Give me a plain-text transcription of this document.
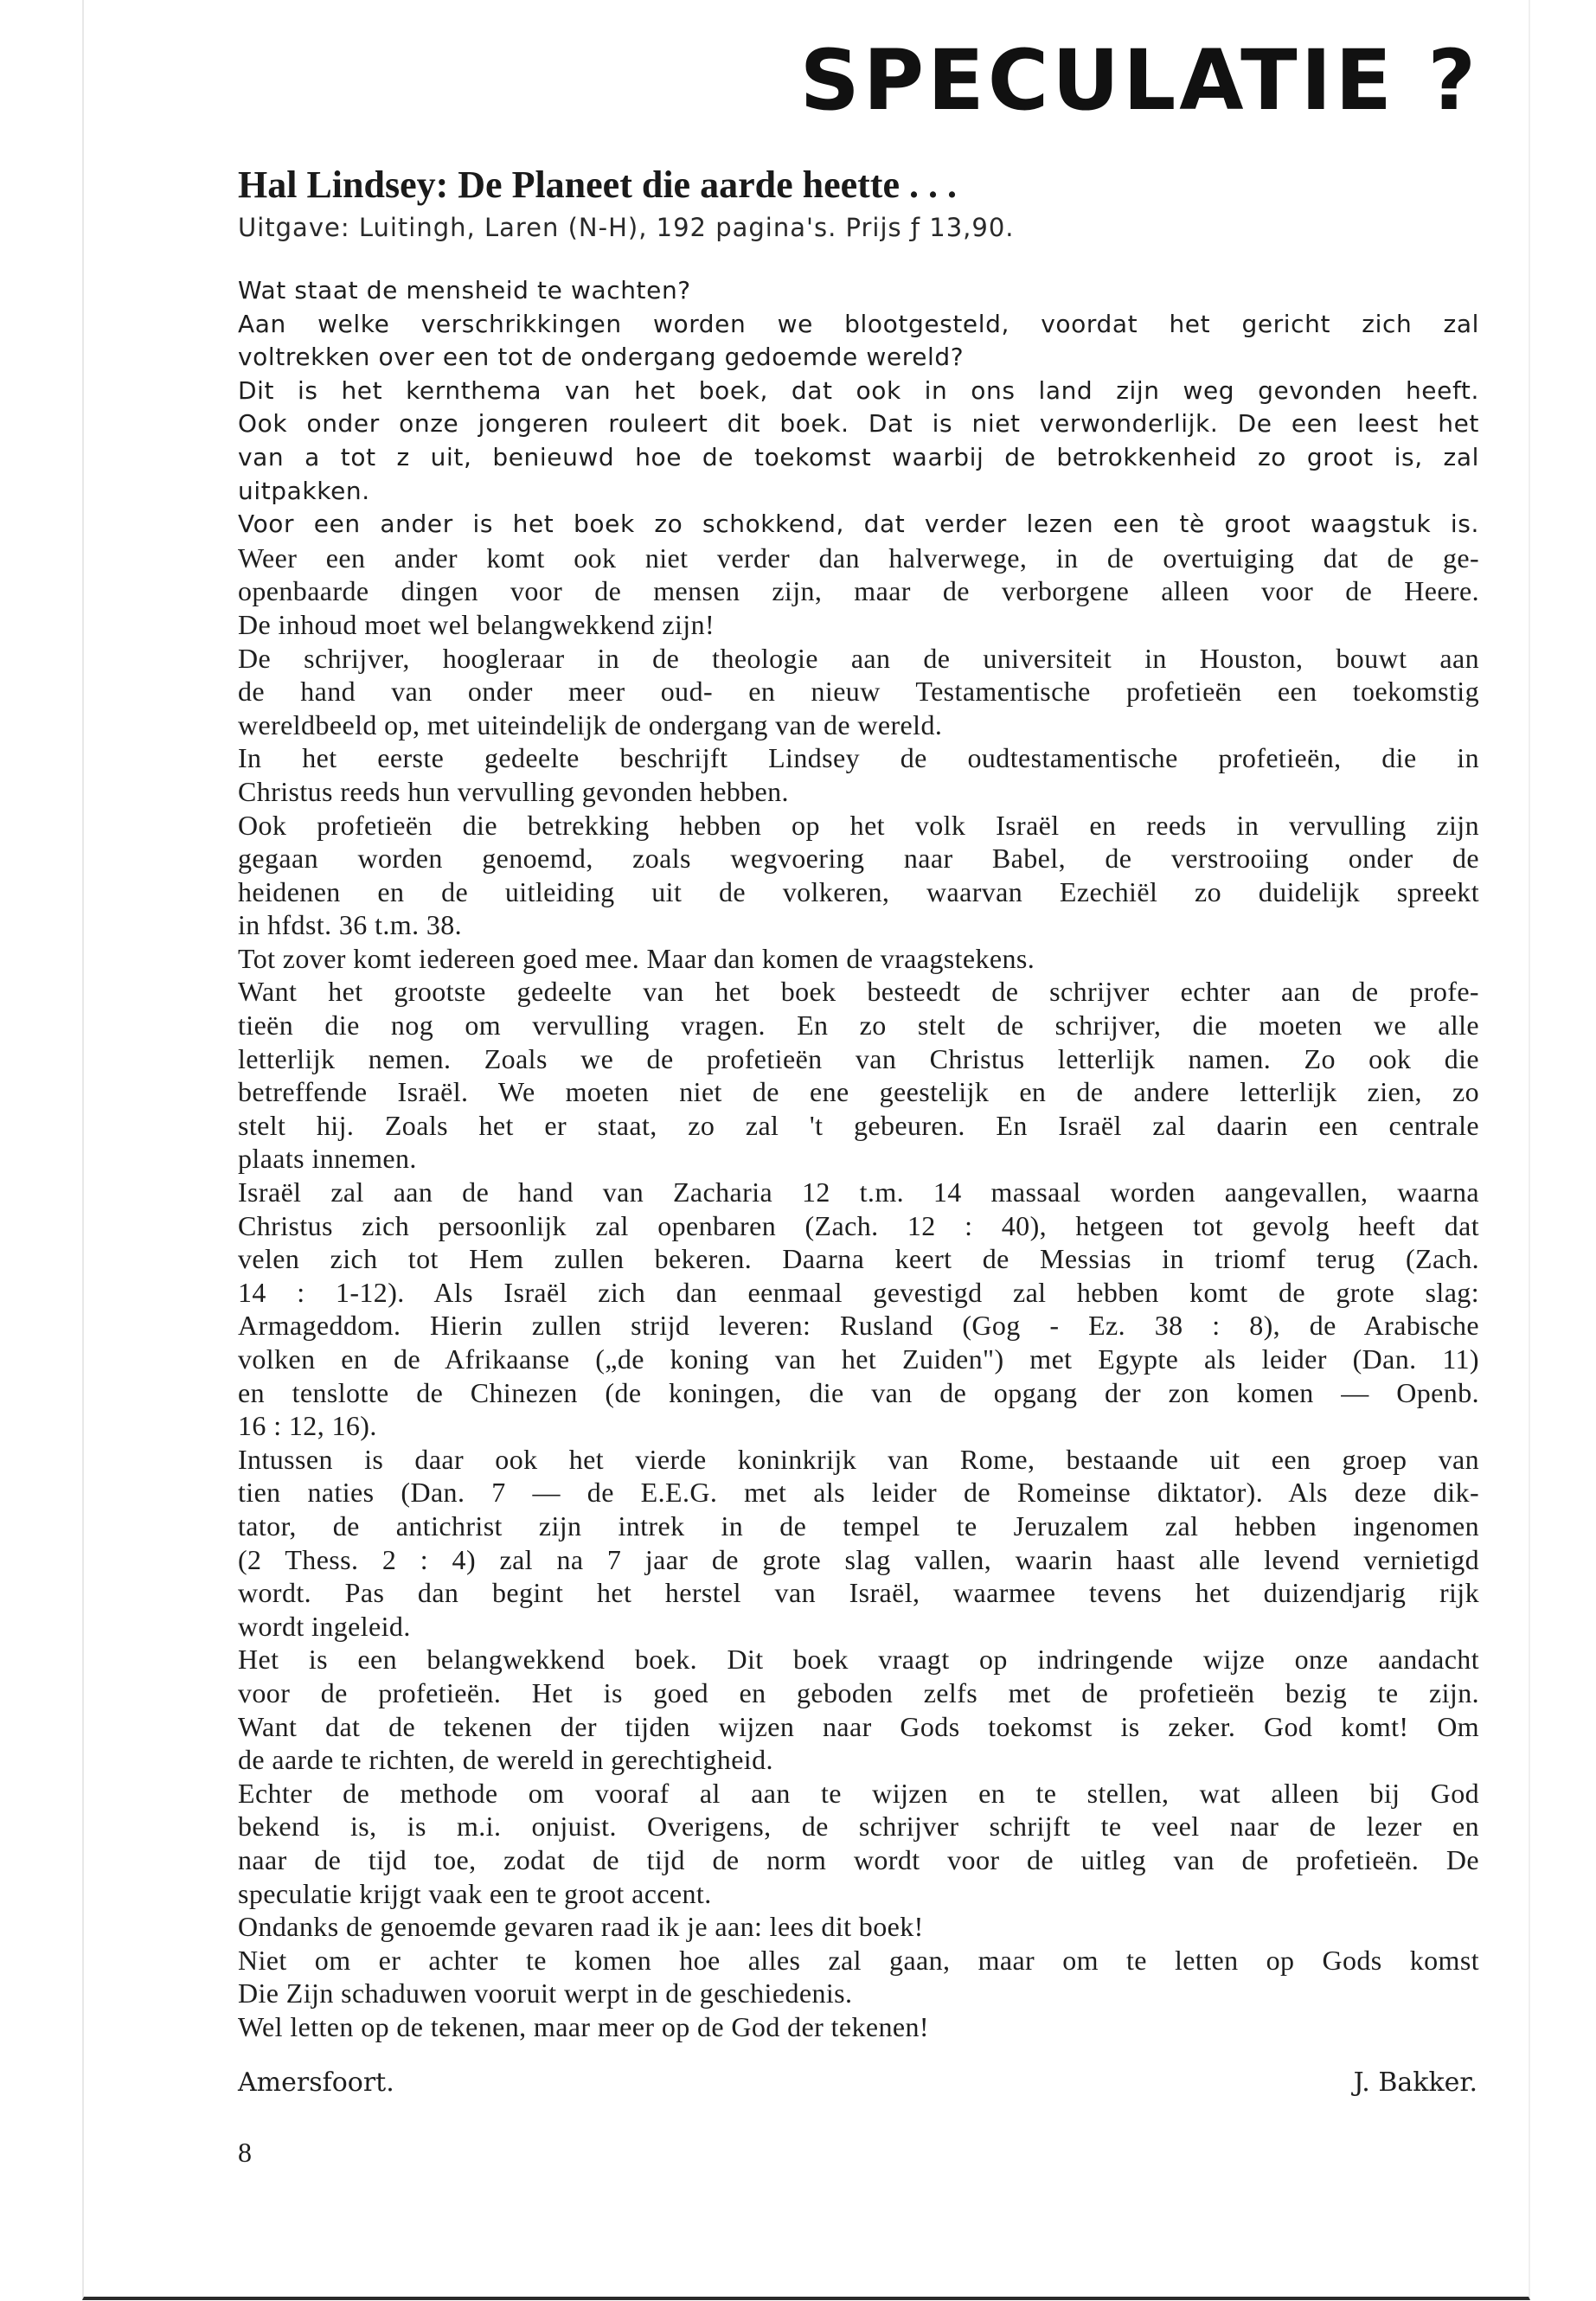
SPECULATIE ?
Hal Lindsey: De Planeet die aarde heette . . .
Uitgave: Luitingh, Laren (N-H), 192 pagina's. Prijs ƒ 13,90.
Wat staat de mensheid te wachten?
Aan welke verschrikkingen worden we blootgesteld, voordat het gericht zich zal
voltrekken over een tot de ondergang gedoemde wereld?
Dit is het kernthema van het boek, dat ook in ons land zijn weg gevonden heeft.
Ook onder onze jongeren rouleert dit boek. Dat is niet verwonderlijk. De een leest het
van a tot z uit, benieuwd hoe de toekomst waarbij de betrokkenheid zo groot is, zal
uitpakken.
Voor een ander is het boek zo schokkend, dat verder lezen een tè groot waagstuk is.
Weer een ander komt ook niet verder dan halverwege, in de overtuiging dat de ge-
openbaarde dingen voor de mensen zijn, maar de verborgene alleen voor de Heere.
De inhoud moet wel belangwekkend zijn!
De schrijver, hoogleraar in de theologie aan de universiteit in Houston, bouwt aan
de hand van onder meer oud- en nieuw Testamentische profetieën een toekomstig
wereldbeeld op, met uiteindelijk de ondergang van de wereld.
In het eerste gedeelte beschrijft Lindsey de oudtestamentische profetieën, die in
Christus reeds hun vervulling gevonden hebben.
Ook profetieën die betrekking hebben op het volk Israël en reeds in vervulling zijn
gegaan worden genoemd, zoals wegvoering naar Babel, de verstrooiing onder de
heidenen en de uitleiding uit de volkeren, waarvan Ezechiël zo duidelijk spreekt
in hfdst. 36 t.m. 38.
Tot zover komt iedereen goed mee. Maar dan komen de vraagstekens.
Want het grootste gedeelte van het boek besteedt de schrijver echter aan de profe-
tieën die nog om vervulling vragen. En zo stelt de schrijver, die moeten we alle
letterlijk nemen. Zoals we de profetieën van Christus letterlijk namen. Zo ook die
betreffende Israël. We moeten niet de ene geestelijk en de andere letterlijk zien, zo
stelt hij. Zoals het er staat, zo zal 't gebeuren. En Israël zal daarin een centrale
plaats innemen.
Israël zal aan de hand van Zacharia 12 t.m. 14 massaal worden aangevallen, waarna
Christus zich persoonlijk zal openbaren (Zach. 12 : 40), hetgeen tot gevolg heeft dat
velen zich tot Hem zullen bekeren. Daarna keert de Messias in triomf terug (Zach.
14 : 1-12). Als Israël zich dan eenmaal gevestigd zal hebben komt de grote slag:
Armageddom. Hierin zullen strijd leveren: Rusland (Gog - Ez. 38 : 8), de Arabische
volken en de Afrikaanse („de koning van het Zuiden") met Egypte als leider (Dan. 11)
en tenslotte de Chinezen (de koningen, die van de opgang der zon komen — Openb.
16 : 12, 16).
Intussen is daar ook het vierde koninkrijk van Rome, bestaande uit een groep van
tien naties (Dan. 7 — de E.E.G. met als leider de Romeinse diktator). Als deze dik-
tator, de antichrist zijn intrek in de tempel te Jeruzalem zal hebben ingenomen
(2 Thess. 2 : 4) zal na 7 jaar de grote slag vallen, waarin haast alle levend vernietigd
wordt. Pas dan begint het herstel van Israël, waarmee tevens het duizendjarig rijk
wordt ingeleid.
Het is een belangwekkend boek. Dit boek vraagt op indringende wijze onze aandacht
voor de profetieën. Het is goed en geboden zelfs met de profetieën bezig te zijn.
Want dat de tekenen der tijden wijzen naar Gods toekomst is zeker. God komt! Om
de aarde te richten, de wereld in gerechtigheid.
Echter de methode om vooraf al aan te wijzen en te stellen, wat alleen bij God
bekend is, is m.i. onjuist. Overigens, de schrijver schrijft te veel naar de lezer en
naar de tijd toe, zodat de tijd de norm wordt voor de uitleg van de profetieën. De
speculatie krijgt vaak een te groot accent.
Ondanks de genoemde gevaren raad ik je aan: lees dit boek!
Niet om er achter te komen hoe alles zal gaan, maar om te letten op Gods komst
Die Zijn schaduwen vooruit werpt in de geschiedenis.
Wel letten op de tekenen, maar meer op de God der tekenen!
Amersfoort.	J. Bakker.
8
